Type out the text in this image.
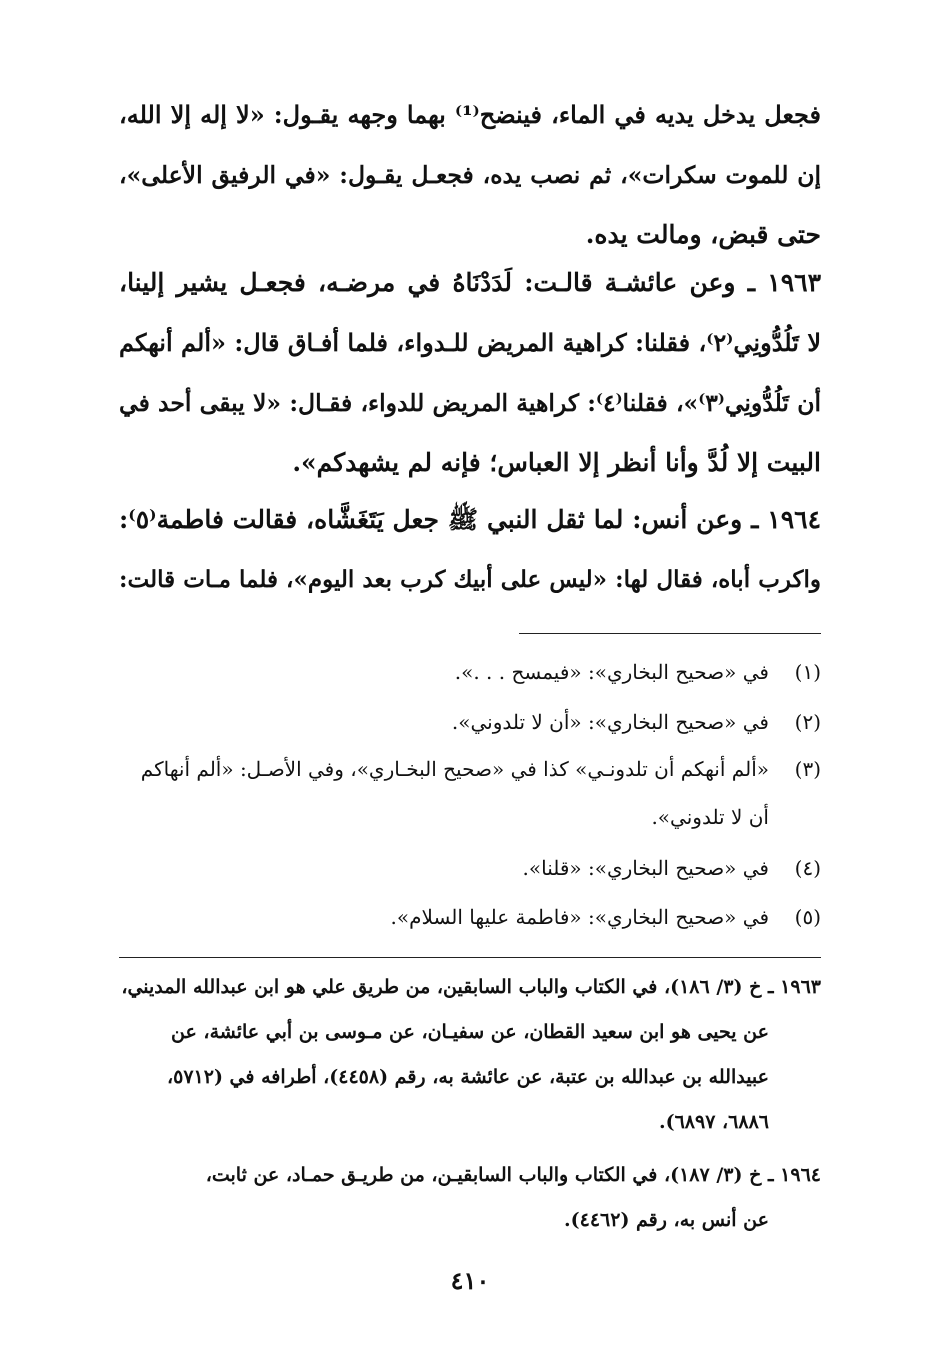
فجعل يدخل يديه في الماء، فينضح⁽¹⁾ بهما وجهه يقـول: «لا إله إلا الله،
إن للموت سكرات»، ثم نصب يده، فجعـل يقـول: «في الرفيق الأعلى»،
حتى قبض، ومالت يده.
١٩٦٣ ـ وعن عائشـة قالـت: لَدَدْنَاهُ في مرضـه، فجعـل يشير إلينا،
لا تَلُدُّونِي⁽٢⁾، فقلنا: كراهية المريض للـدواء، فلما أفـاق قال: «ألم أنهكم
أن تَلُدُّونِي⁽٣⁾»، فقلنا⁽٤⁾: كراهية المريض للدواء، فقـال: «لا يبقى أحد في
البيت إلا لُدَّ وأنا أنظر إلا العباس؛ فإنه لم يشهدكم».
١٩٦٤ ـ وعن أنس: لما ثقل النبي ﷺ جعل يَتَغَشَّاه، فقالت فاطمة⁽٥⁾:
واكرب أباه، فقال لها: «ليس على أبيك كرب بعد اليوم»، فلما مـات قالت:
(١)في «صحيح البخاري»: «فيمسح . . .».
(٢)في «صحيح البخاري»: «أن لا تلدوني».
(٣)«ألم أنهكم أن تلدونـي» كذا في «صحيح البخـاري»، وفي الأصـل: «ألم أنهاكم
أن لا تلدوني».
(٤)في «صحيح البخاري»: «قلنا».
(٥)في «صحيح البخاري»: «فاطمة عليها السلام».
١٩٦٣ ـ خ (٣/ ١٨٦)، في الكتاب والباب السابقين، من طريق علي هو ابن عبدالله المديني،
عن يحيى هو ابن سعيد القطان، عن سفيـان، عن مـوسى بن أبي عائشة، عن
عبيدالله بن عبدالله بن عتبة، عن عائشة به، رقم (٤٤٥٨)، أطرافه في (٥٧١٢،
٦٨٨٦، ٦٨٩٧).
١٩٦٤ ـ خ (٣/ ١٨٧)، في الكتاب والباب السابقيـن، من طريـق حمـاد، عن ثابت،
عن أنس به، رقم (٤٤٦٢).
٤١٠
